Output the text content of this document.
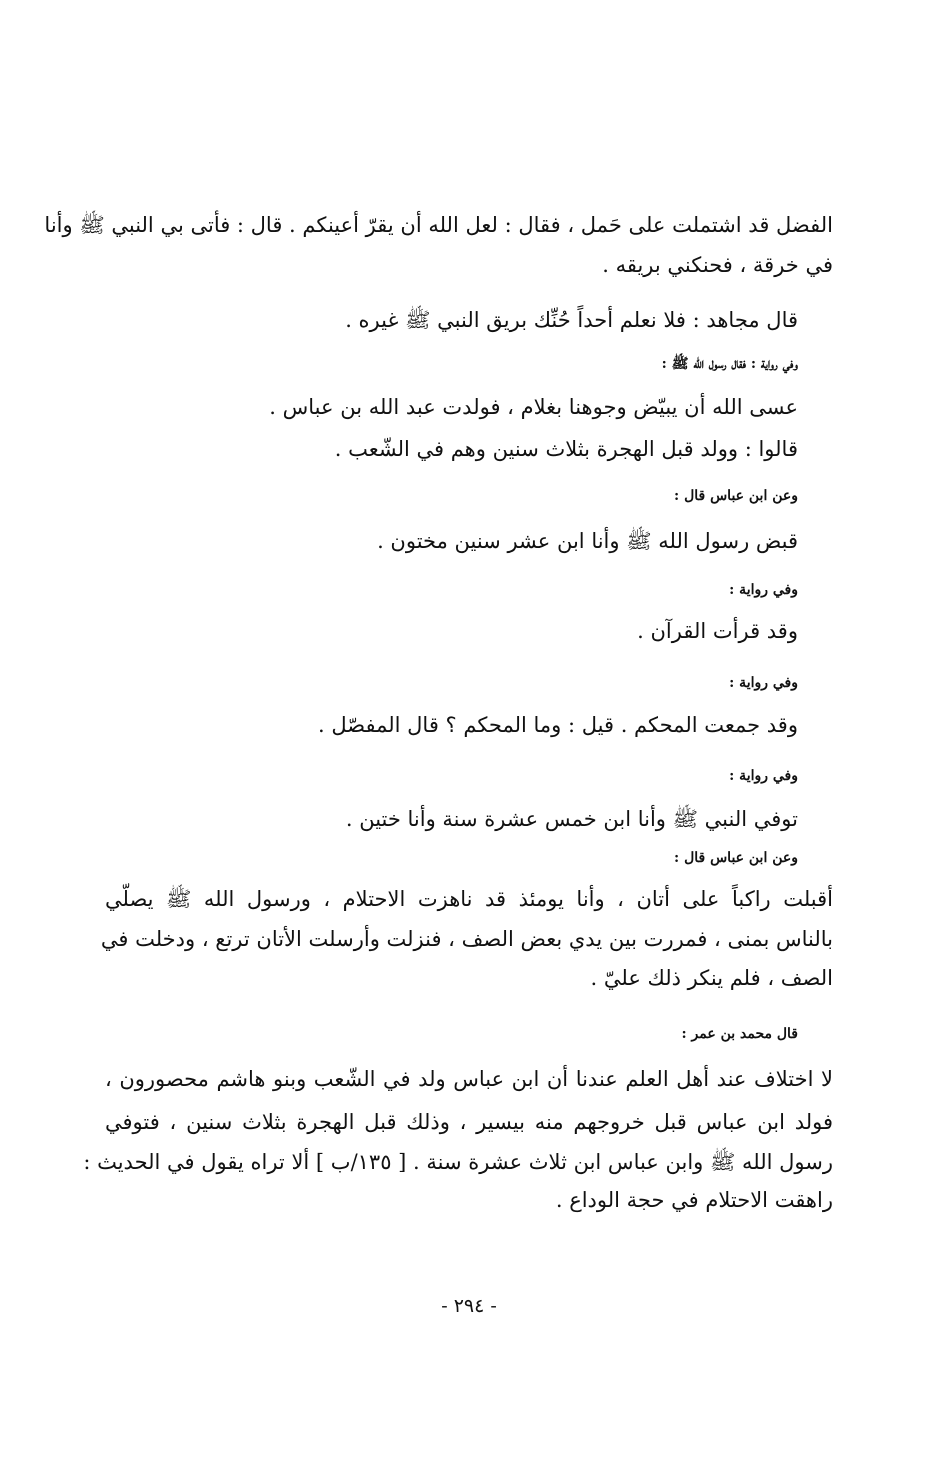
الفضل قد اشتملت على حَمل ، فقال : لعل الله أن يقرّ أعينكم . قال : فأتى بي النبي ﷺ وأنا
في خرقة ، فحنكني بريقه .
قال مجاهد : فلا نعلم أحداً حُنِّك بريق النبي ﷺ غيره .
وفي رواية : فقال رسول الله ﷺ :
عسى الله أن يبيّض وجوهنا بغلام ، فولدت عبد الله بن عباس .
قالوا : وولد قبل الهجرة بثلاث سنين وهم في الشّعب .
وعن ابن عباس قال :
قبض رسول الله ﷺ وأنا ابن عشر سنين مختون .
وفي رواية :
وقد قرأت القرآن .
وفي رواية :
وقد جمعت المحكم . قيل : وما المحكم ؟ قال المفصّل .
وفي رواية :
توفي النبي ﷺ وأنا ابن خمس عشرة سنة وأنا ختين .
وعن ابن عباس قال :
أقبلت راكباً على أتان ، وأنا يومئذ قد ناهزت الاحتلام ، ورسول الله ﷺ يصلّي
بالناس بمنى ، فمررت بين يدي بعض الصف ، فنزلت وأرسلت الأتان ترتع ، ودخلت في
الصف ، فلم ينكر ذلك عليّ .
قال محمد بن عمر :
لا اختلاف عند أهل العلم عندنا أن ابن عباس ولد في الشّعب وبنو هاشم محصورون ،
فولد ابن عباس قبل خروجهم منه بيسير ، وذلك قبل الهجرة بثلاث سنين ، فتوفي
رسول الله ﷺ وابن عباس ابن ثلاث عشرة سنة . [ ١٣٥/ب ] ألا تراه يقول في الحديث :
راهقت الاحتلام في حجة الوداع .
- ٢٩٤ -
